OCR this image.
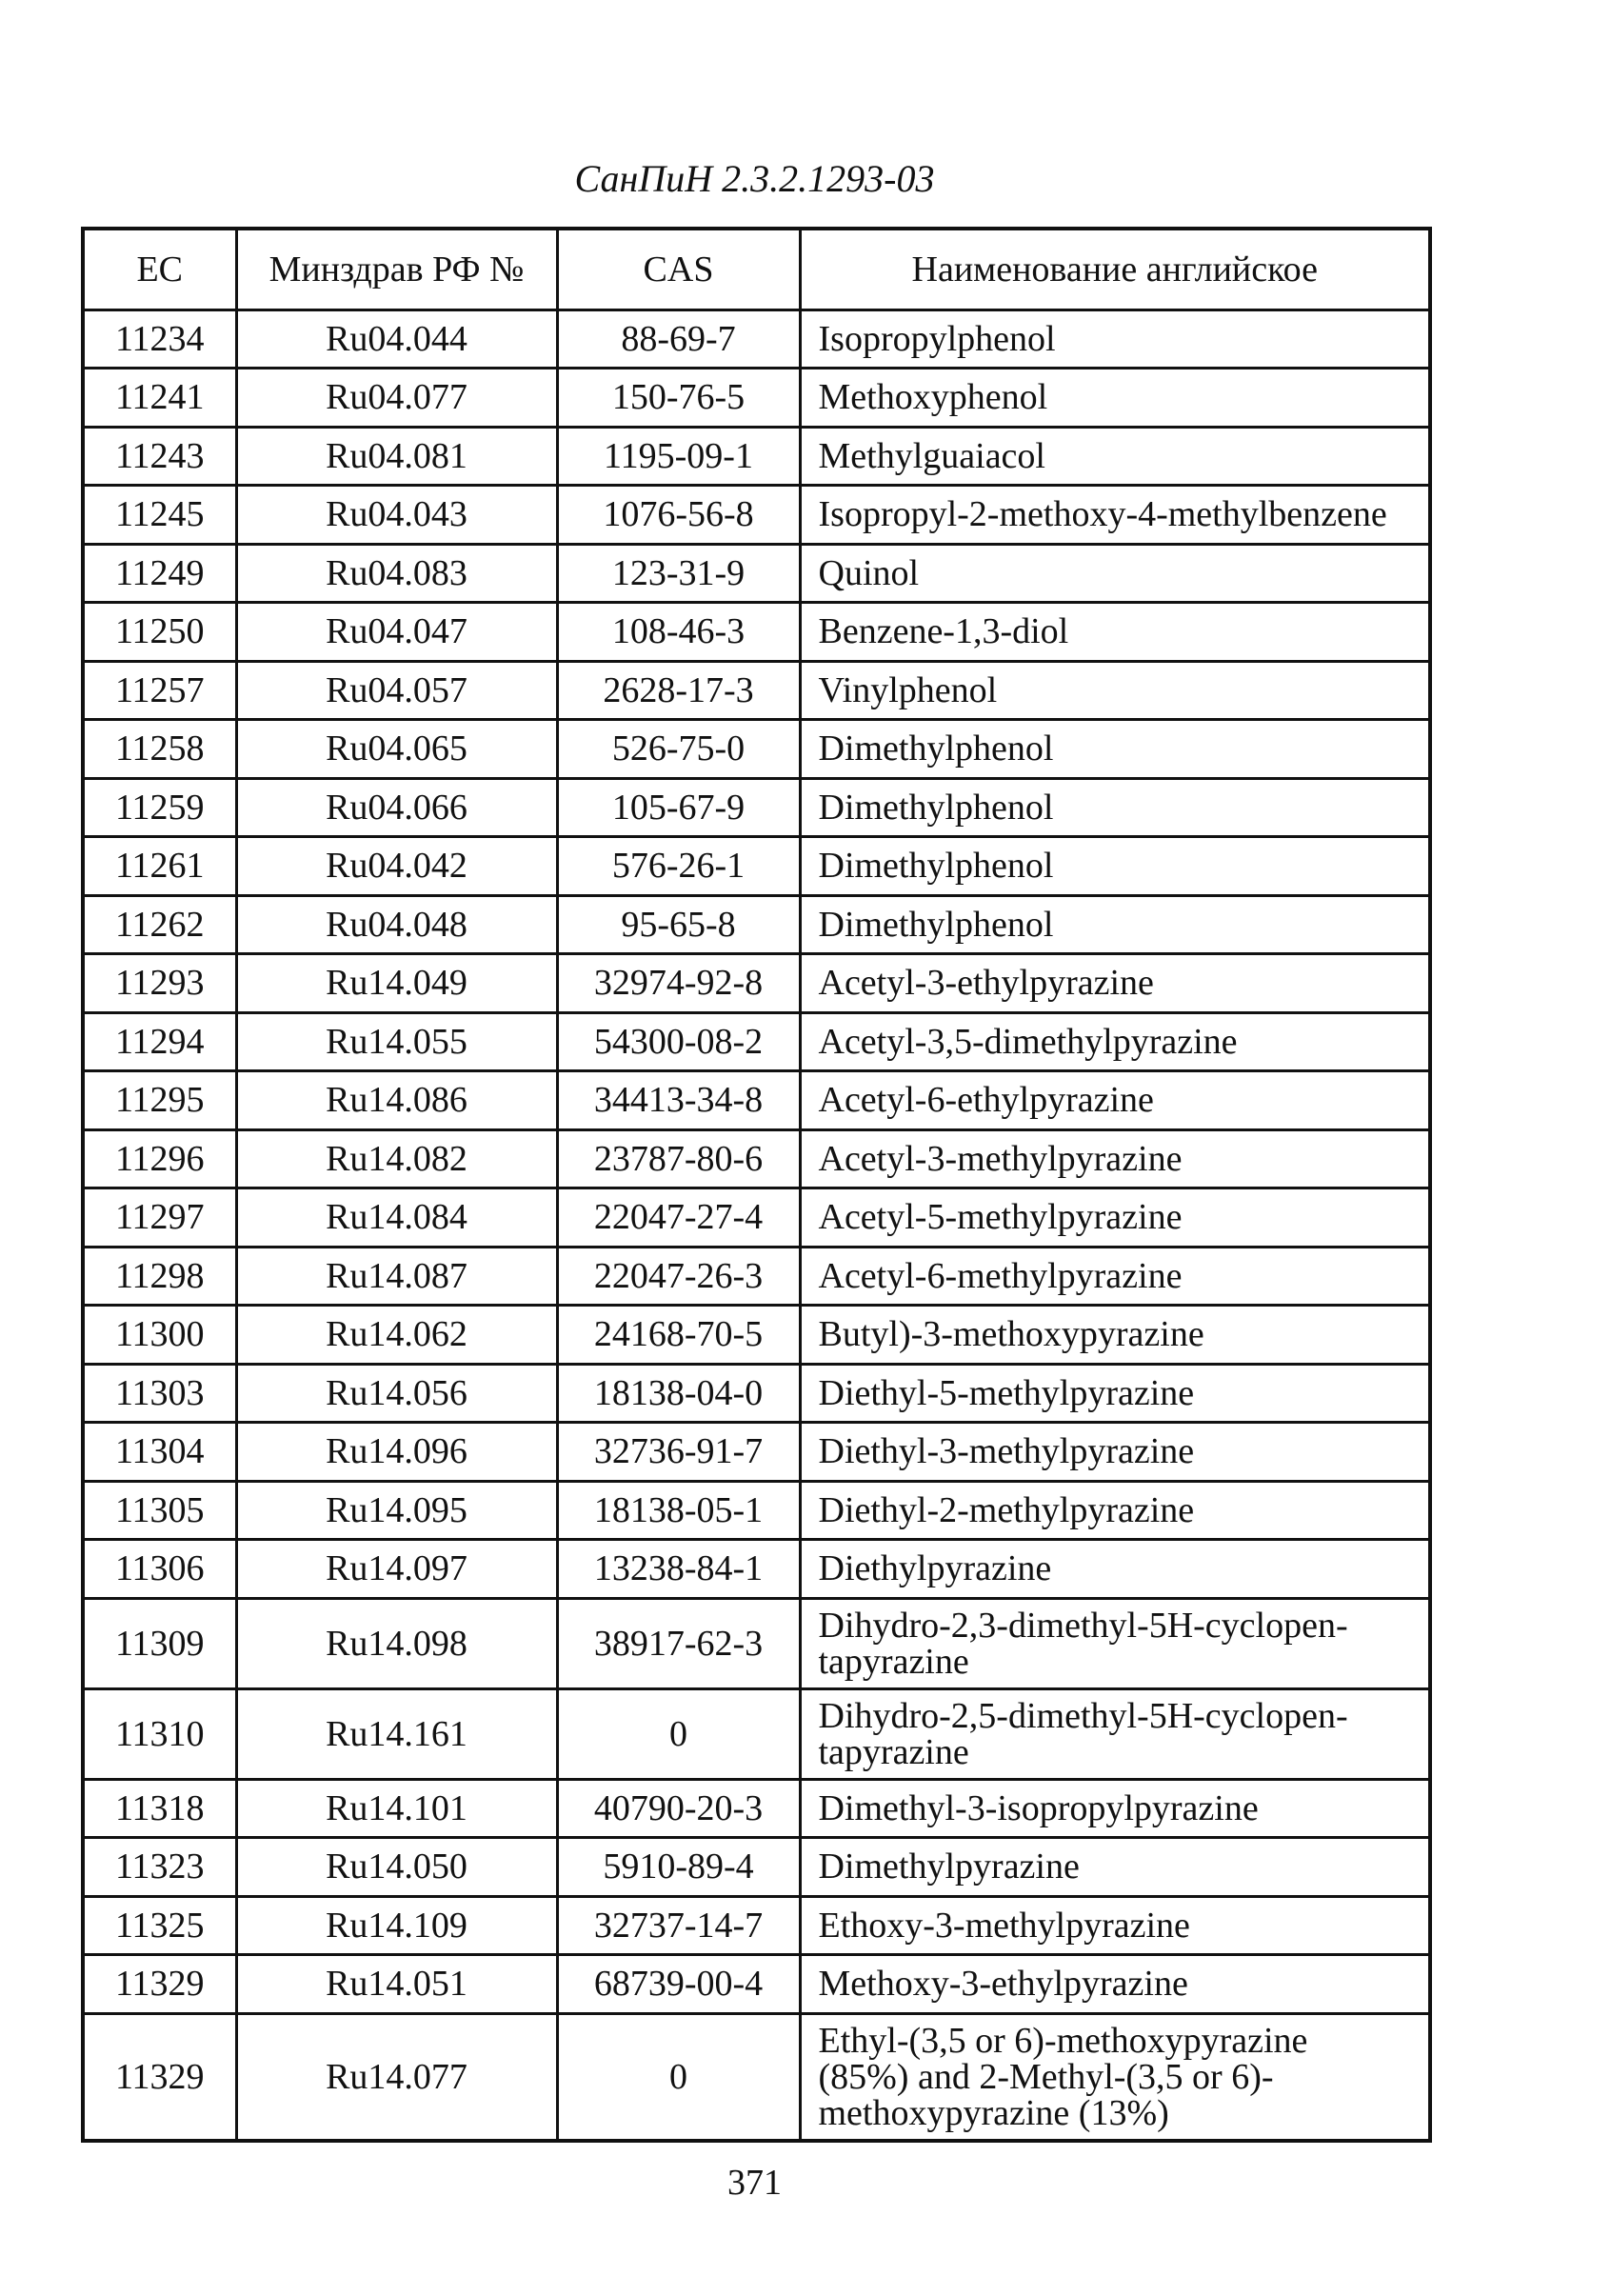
СанПиН 2.3.2.1293-03
EC	Минздрав РФ №	CAS	Наименование английское
11234	Ru04.044	88-69-7	Isopropylphenol
11241	Ru04.077	150-76-5	Methoxyphenol
11243	Ru04.081	1195-09-1	Methylguaiacol
11245	Ru04.043	1076-56-8	Isopropyl-2-methoxy-4-methylbenzene
11249	Ru04.083	123-31-9	Quinol
11250	Ru04.047	108-46-3	Benzene-1,3-diol
11257	Ru04.057	2628-17-3	Vinylphenol
11258	Ru04.065	526-75-0	Dimethylphenol
11259	Ru04.066	105-67-9	Dimethylphenol
11261	Ru04.042	576-26-1	Dimethylphenol
11262	Ru04.048	95-65-8	Dimethylphenol
11293	Ru14.049	32974-92-8	Acetyl-3-ethylpyrazine
11294	Ru14.055	54300-08-2	Acetyl-3,5-dimethylpyrazine
11295	Ru14.086	34413-34-8	Acetyl-6-ethylpyrazine
11296	Ru14.082	23787-80-6	Acetyl-3-methylpyrazine
11297	Ru14.084	22047-27-4	Acetyl-5-methylpyrazine
11298	Ru14.087	22047-26-3	Acetyl-6-methylpyrazine
11300	Ru14.062	24168-70-5	Butyl)-3-methoxypyrazine
11303	Ru14.056	18138-04-0	Diethyl-5-methylpyrazine
11304	Ru14.096	32736-91-7	Diethyl-3-methylpyrazine
11305	Ru14.095	18138-05-1	Diethyl-2-methylpyrazine
11306	Ru14.097	13238-84-1	Diethylpyrazine
11309	Ru14.098	38917-62-3	Dihydro-2,3-dimethyl-5H-cyclopen-
tapyrazine
11310	Ru14.161	0	Dihydro-2,5-dimethyl-5H-cyclopen-
tapyrazine
11318	Ru14.101	40790-20-3	Dimethyl-3-isopropylpyrazine
11323	Ru14.050	5910-89-4	Dimethylpyrazine
11325	Ru14.109	32737-14-7	Ethoxy-3-methylpyrazine
11329	Ru14.051	68739-00-4	Methoxy-3-ethylpyrazine
11329	Ru14.077	0	Ethyl-(3,5 or 6)-methoxypyrazine
(85%) and 2-Methyl-(3,5 or 6)-
methoxypyrazine (13%)
371
